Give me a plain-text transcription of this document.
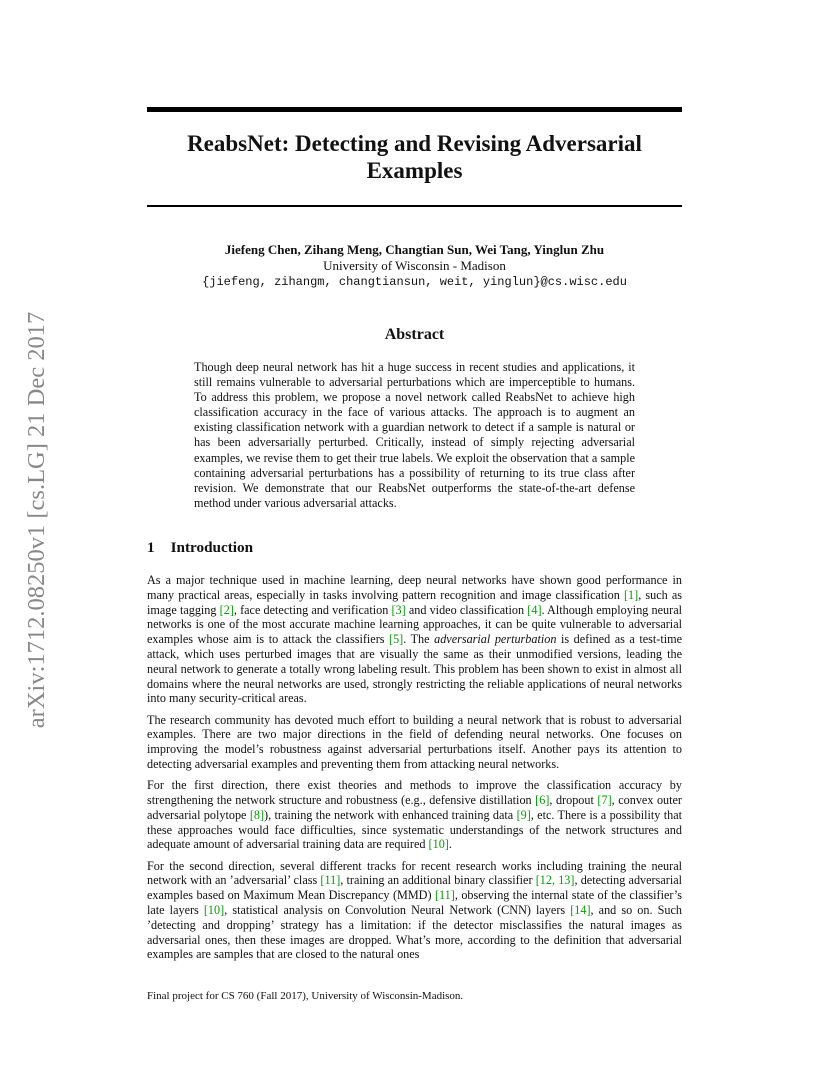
arXiv:1712.08250v1 [cs.LG] 21 Dec 2017
ReabsNet: Detecting and Revising Adversarial Examples
Jiefeng Chen, Zihang Meng, Changtian Sun, Wei Tang, Yinglun Zhu
University of Wisconsin - Madison
{jiefeng, zihangm, changtiansun, weit, yinglun}@cs.wisc.edu
Abstract
Though deep neural network has hit a huge success in recent studies and applications, it still remains vulnerable to adversarial perturbations which are imperceptible to humans. To address this problem, we propose a novel network called ReabsNet to achieve high classification accuracy in the face of various attacks. The approach is to augment an existing classification network with a guardian network to detect if a sample is natural or has been adversarially perturbed. Critically, instead of simply rejecting adversarial examples, we revise them to get their true labels. We exploit the observation that a sample containing adversarial perturbations has a possibility of returning to its true class after revision. We demonstrate that our ReabsNet outperforms the state-of-the-art defense method under various adversarial attacks.
1 Introduction

As a major technique used in machine learning, deep neural networks have shown good performance in many practical areas, especially in tasks involving pattern recognition and image classification [1], such as image tagging [2], face detecting and verification [3] and video classification [4]. Although employing neural networks is one of the most accurate machine learning approaches, it can be quite vulnerable to adversarial examples whose aim is to attack the classifiers [5]. The adversarial perturbation is defined as a test-time attack, which uses perturbed images that are visually the same as their unmodified versions, leading the neural network to generate a totally wrong labeling result. This problem has been shown to exist in almost all domains where the neural networks are used, strongly restricting the reliable applications of neural networks into many security-critical areas.

The research community has devoted much effort to building a neural network that is robust to adversarial examples. There are two major directions in the field of defending neural networks. One focuses on improving the model’s robustness against adversarial perturbations itself. Another pays its attention to detecting adversarial examples and preventing them from attacking neural networks.

For the first direction, there exist theories and methods to improve the classification accuracy by strengthening the network structure and robustness (e.g., defensive distillation [6], dropout [7], convex outer adversarial polytope [8]), training the network with enhanced training data [9], etc. There is a possibility that these approaches would face difficulties, since systematic understandings of the network structures and adequate amount of adversarial training data are required [10].

For the second direction, several different tracks for recent research works including training the neural network with an ’adversarial’ class [11], training an additional binary classifier [12, 13], detecting adversarial examples based on Maximum Mean Discrepancy (MMD) [11], observing the internal state of the classifier’s late layers [10], statistical analysis on Convolution Neural Network (CNN) layers [14], and so on. Such ’detecting and dropping’ strategy has a limitation: if the detector misclassifies the natural images as adversarial ones, then these images are dropped. What’s more, according to the definition that adversarial examples are samples that are closed to the natural ones

Final project for CS 760 (Fall 2017), University of Wisconsin-Madison.
